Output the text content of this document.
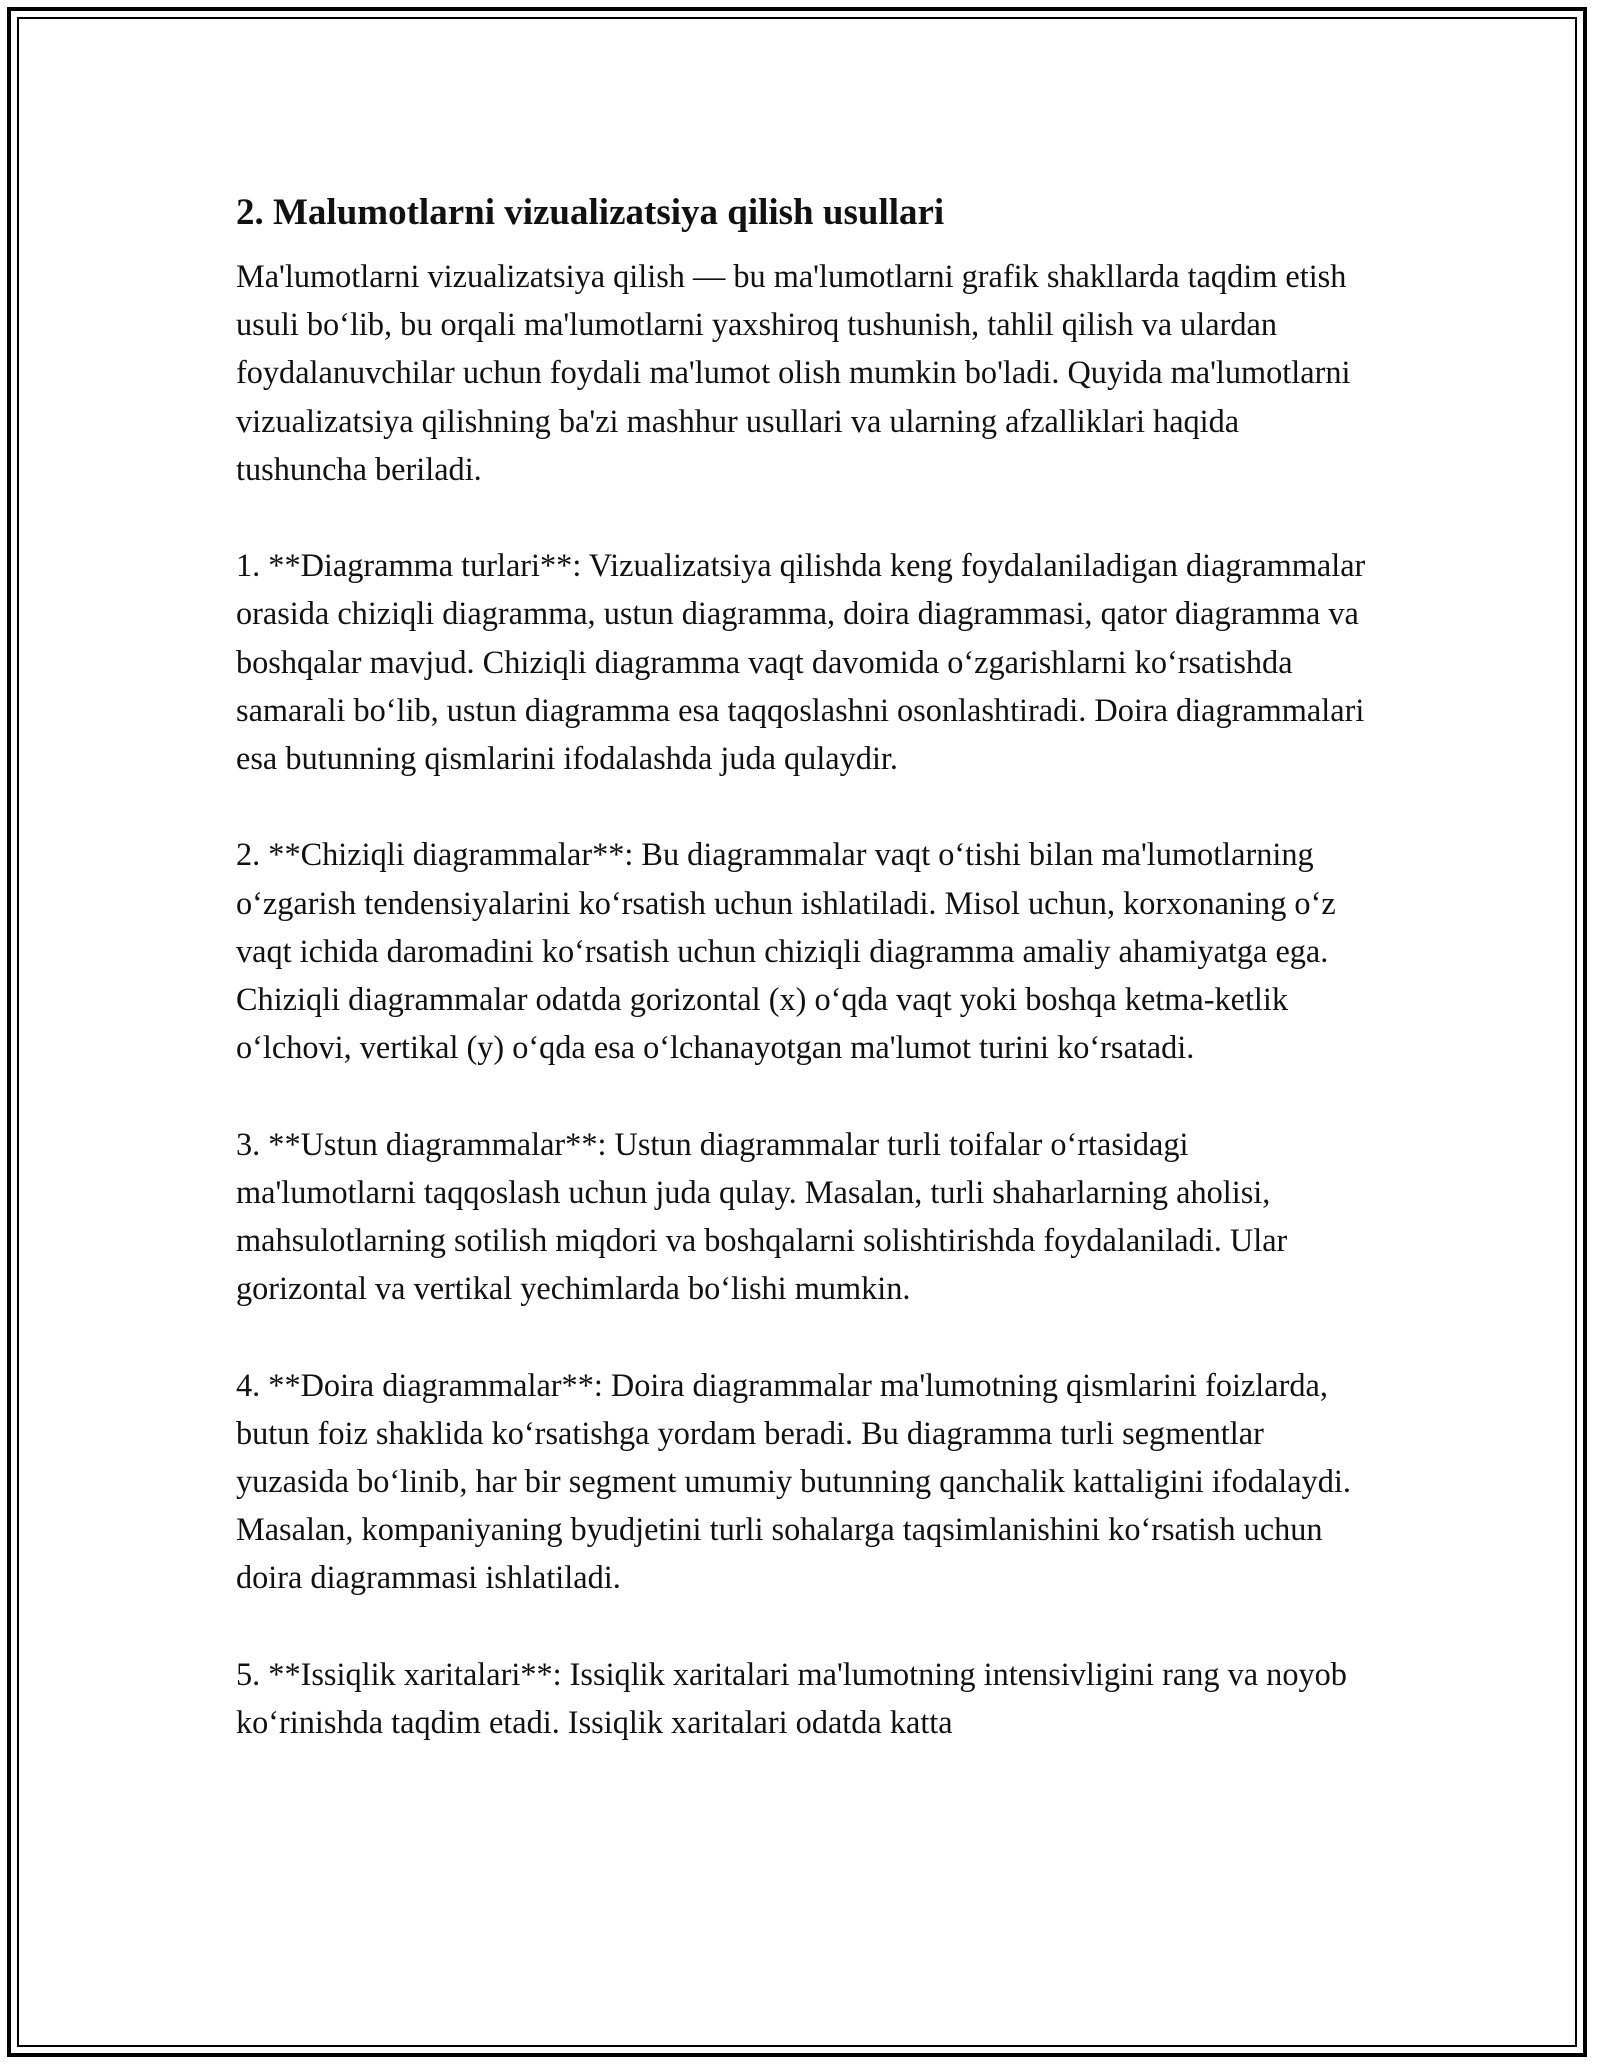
2. Malumotlarni vizualizatsiya qilish usullari

Ma'lumotlarni vizualizatsiya qilish — bu ma'lumotlarni grafik shakllarda taqdim etish usuli bo‘lib, bu orqali ma'lumotlarni yaxshiroq tushunish, tahlil qilish va ulardan foydalanuvchilar uchun foydali ma'lumot olish mumkin bo'ladi. Quyida ma'lumotlarni vizualizatsiya qilishning ba'zi mashhur usullari va ularning afzalliklari haqida tushuncha beriladi.

1. **Diagramma turlari**: Vizualizatsiya qilishda keng foydalaniladigan diagrammalar orasida chiziqli diagramma, ustun diagramma, doira diagrammasi, qator diagramma va boshqalar mavjud. Chiziqli diagramma vaqt davomida o‘zgarishlarni ko‘rsatishda samarali bo‘lib, ustun diagramma esa taqqoslashni osonlashtiradi. Doira diagrammalari esa butunning qismlarini ifodalashda juda qulaydir.

2. **Chiziqli diagrammalar**: Bu diagrammalar vaqt o‘tishi bilan ma'lumotlarning o‘zgarish tendensiyalarini ko‘rsatish uchun ishlatiladi. Misol uchun, korxonaning o‘z vaqt ichida daromadini ko‘rsatish uchun chiziqli diagramma amaliy ahamiyatga ega. Chiziqli diagrammalar odatda gorizontal (x) o‘qda vaqt yoki boshqa ketma-ketlik o‘lchovi, vertikal (y) o‘qda esa o‘lchanayotgan ma'lumot turini ko‘rsatadi.

3. **Ustun diagrammalar**: Ustun diagrammalar turli toifalar o‘rtasidagi ma'lumotlarni taqqoslash uchun juda qulay. Masalan, turli shaharlarning aholisi, mahsulotlarning sotilish miqdori va boshqalarni solishtirishda foydalaniladi. Ular gorizontal va vertikal yechimlarda bo‘lishi mumkin.

4. **Doira diagrammalar**: Doira diagrammalar ma'lumotning qismlarini foizlarda, butun foiz shaklida ko‘rsatishga yordam beradi. Bu diagramma turli segmentlar yuzasida bo‘linib, har bir segment umumiy butunning qanchalik kattaligini ifodalaydi. Masalan, kompaniyaning byudjetini turli sohalarga taqsimlanishini ko‘rsatish uchun doira diagrammasi ishlatiladi.

5. **Issiqlik xaritalari**: Issiqlik xaritalari ma'lumotning intensivligini rang va noyob ko‘rinishda taqdim etadi. Issiqlik xaritalari odatda katta
